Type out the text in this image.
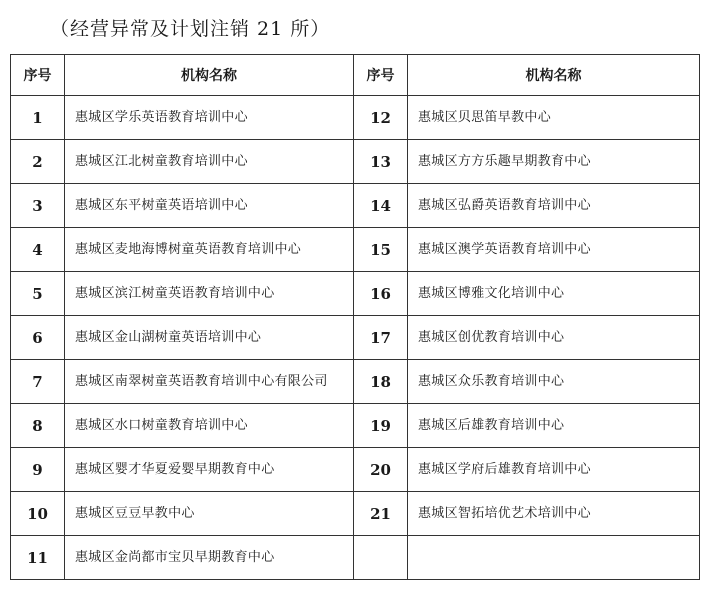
（经营异常及计划注销 21 所）
序号	机构名称	序号	机构名称
1	惠城区学乐英语教育培训中心	12	惠城区贝思笛早教中心
2	惠城区江北树童教育培训中心	13	惠城区方方乐趣早期教育中心
3	惠城区东平树童英语培训中心	14	惠城区弘爵英语教育培训中心
4	惠城区麦地海博树童英语教育培训中心	15	惠城区澳学英语教育培训中心
5	惠城区滨江树童英语教育培训中心	16	惠城区博雅文化培训中心
6	惠城区金山湖树童英语培训中心	17	惠城区创优教育培训中心
7	惠城区南翠树童英语教育培训中心有限公司	18	惠城区众乐教育培训中心
8	惠城区水口树童教育培训中心	19	惠城区后雄教育培训中心
9	惠城区婴才华夏爱婴早期教育中心	20	惠城区学府后雄教育培训中心
10	惠城区豆豆早教中心	21	惠城区智拓培优艺术培训中心
11	惠城区金尚都市宝贝早期教育中心		
